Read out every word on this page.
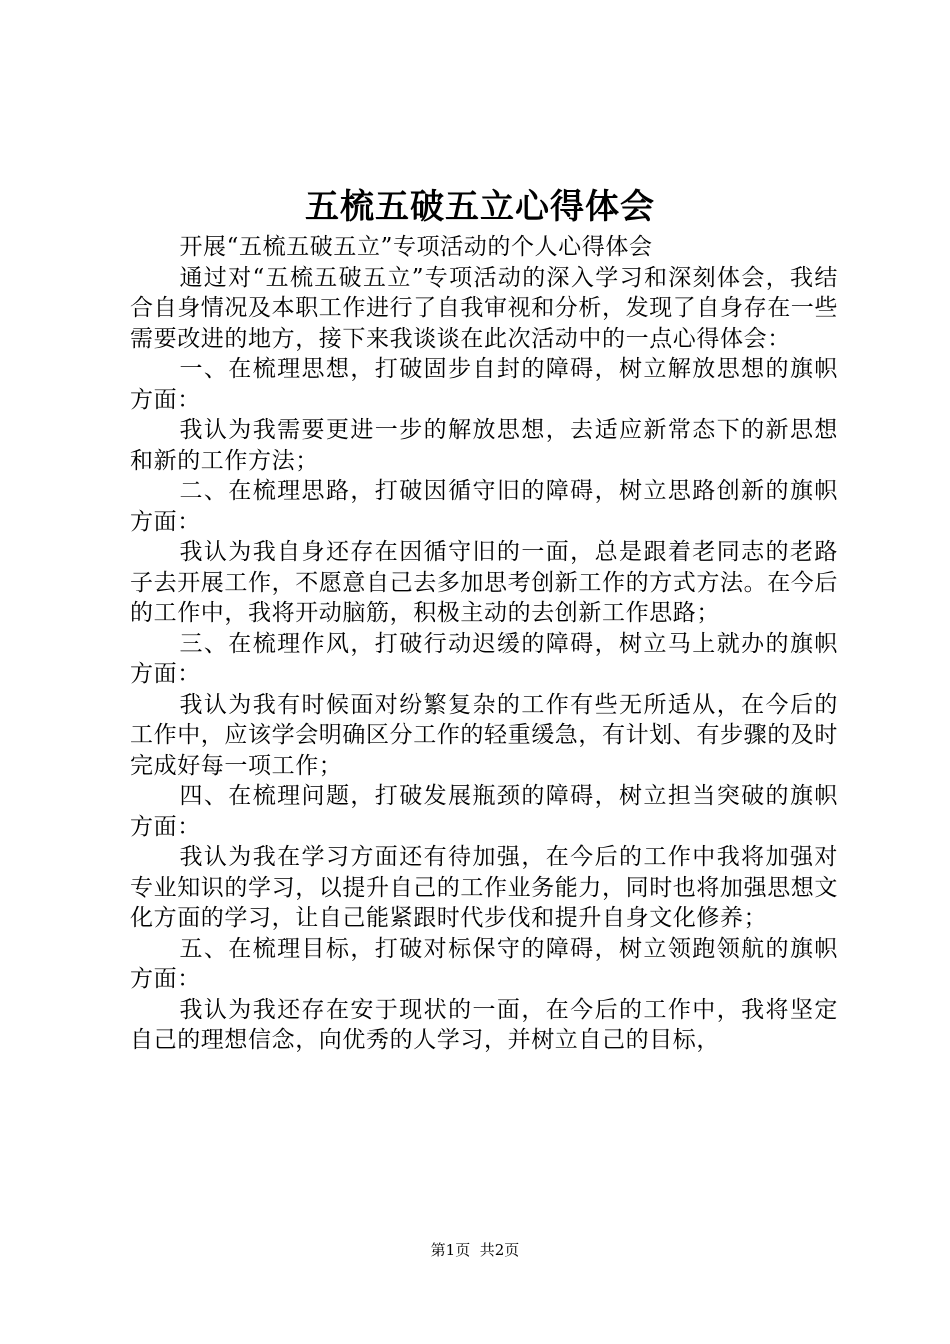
五梳五破五立心得体会

开展“五梳五破五立”专项活动的个人心得体会

通过对“五梳五破五立”专项活动的深入学习和深刻体会，我结合自身情况及本职工作进行了自我审视和分析，发现了自身存在一些需要改进的地方，接下来我谈谈在此次活动中的一点心得体会：

一、在梳理思想，打破固步自封的障碍，树立解放思想的旗帜方面：

我认为我需要更进一步的解放思想，去适应新常态下的新思想和新的工作方法；

二、在梳理思路，打破因循守旧的障碍，树立思路创新的旗帜方面：

我认为我自身还存在因循守旧的一面，总是跟着老同志的老路子去开展工作，不愿意自己去多加思考创新工作的方式方法。在今后的工作中，我将开动脑筋，积极主动的去创新工作思路；

三、在梳理作风，打破行动迟缓的障碍，树立马上就办的旗帜方面：

我认为我有时候面对纷繁复杂的工作有些无所适从，在今后的工作中，应该学会明确区分工作的轻重缓急，有计划、有步骤的及时完成好每一项工作；

四、在梳理问题，打破发展瓶颈的障碍，树立担当突破的旗帜方面：

我认为我在学习方面还有待加强，在今后的工作中我将加强对专业知识的学习，以提升自己的工作业务能力，同时也将加强思想文化方面的学习，让自己能紧跟时代步伐和提升自身文化修养；

五、在梳理目标，打破对标保守的障碍，树立领跑领航的旗帜方面：

我认为我还存在安于现状的一面，在今后的工作中，我将坚定自己的理想信念，向优秀的人学习，并树立自己的目标，

第1页 共2页
